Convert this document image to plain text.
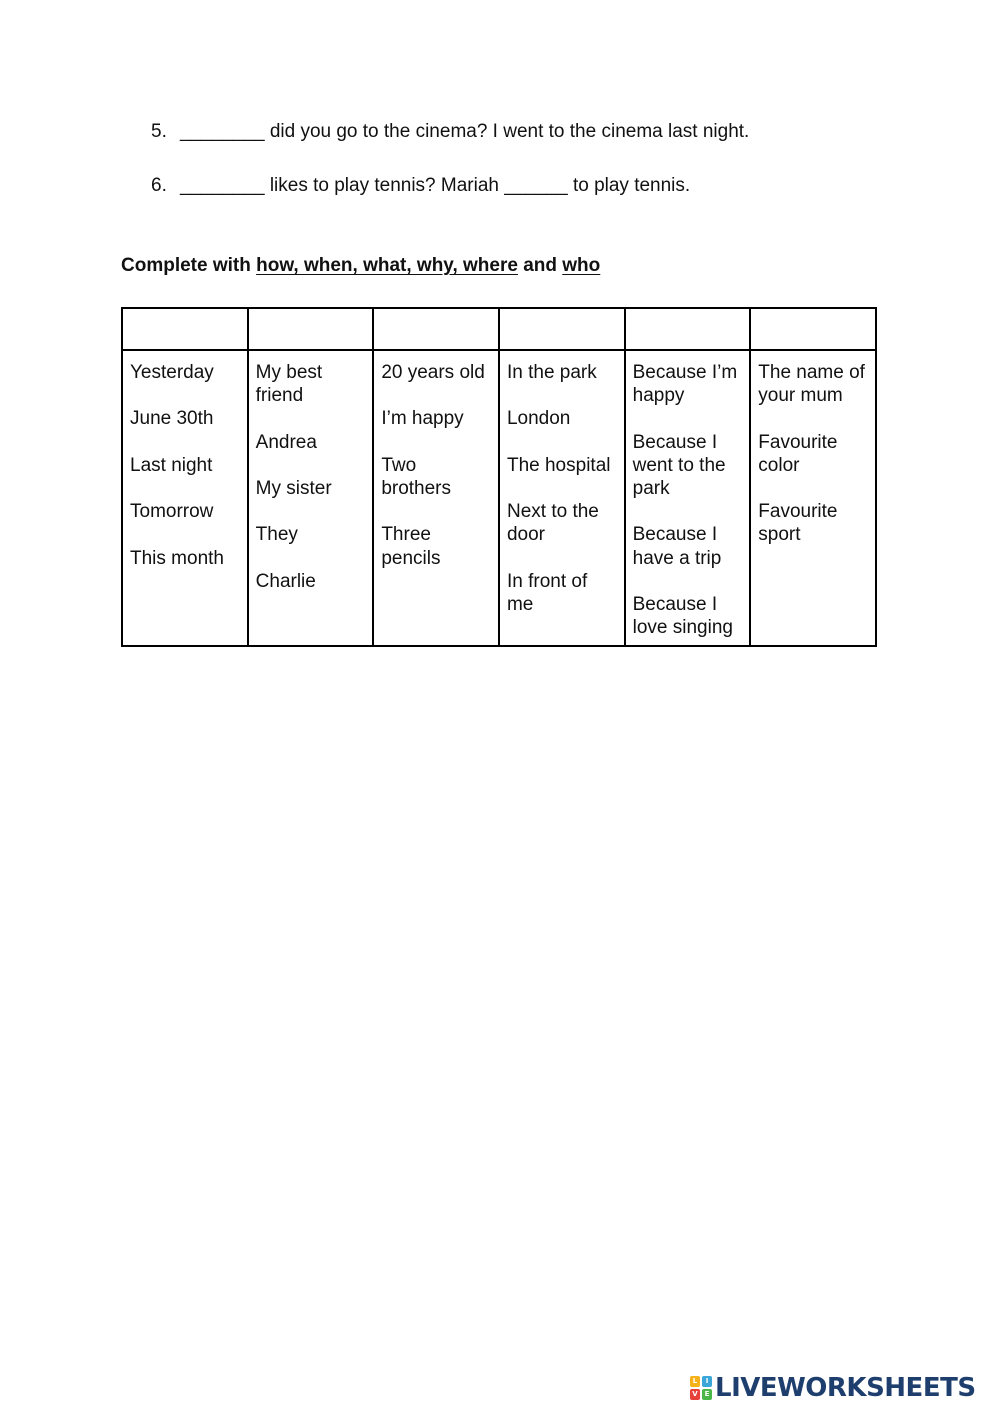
5. ________ did you go to the cinema? I went to the cinema last night.
6. ________ likes to play tennis? Mariah ______ to play tennis.
Complete with how, when, what, why, where and who

Yesterday
June 30th
Last night
Tomorrow
This month	My best friend
Andrea
My sister
They
Charlie	20 years old
I’m happy
Two brothers
Three pencils	In the park
London
The hospital
Next to the door
In front of me	Because I’m happy
Because I went to the park
Because I have a trip
Because I love singing	The name of your mum
Favourite color
Favourite sport
L	I
V E LIVEWORKSHEETS
